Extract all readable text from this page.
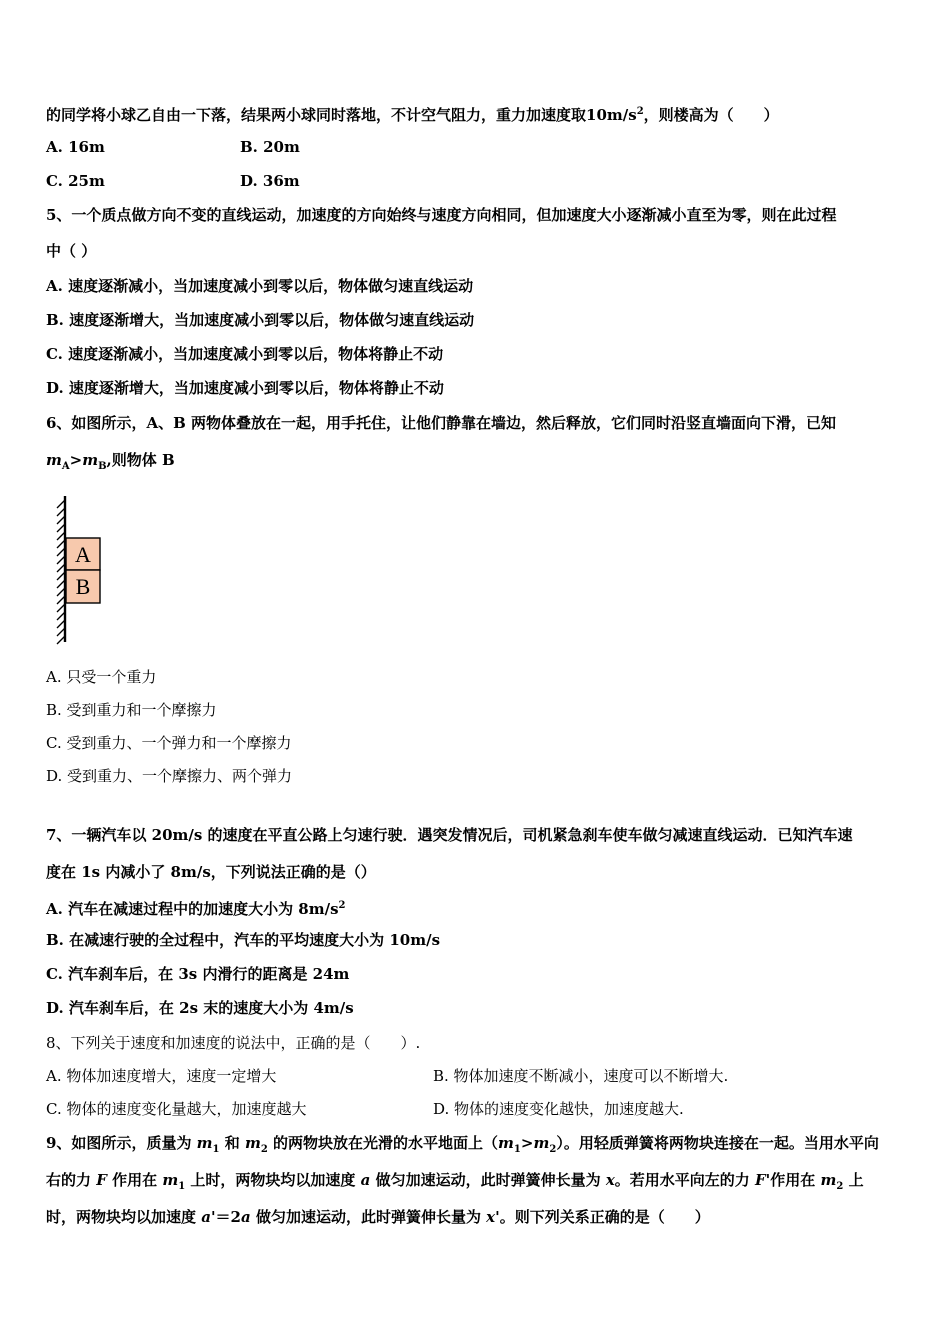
的同学将小球乙自由一下落，结果两小球同时落地，不计空气阻力，重力加速度取$10m/s^2$，则楼高为（　　）
A. 16m	B. 20m
C. 25m	D. 36m
5、一个质点做方向不变的直线运动，加速度的方向始终与速度方向相同，但加速度大小逐渐减小直至为零，则在此过程
中（ ）
A. 速度逐渐减小，当加速度减小到零以后，物体做匀速直线运动
B. 速度逐渐增大，当加速度减小到零以后，物体做匀速直线运动
C. 速度逐渐减小，当加速度减小到零以后，物体将静止不动
D. 速度逐渐增大，当加速度减小到零以后，物体将静止不动
6、如图所示，A、B 两物体叠放在一起，用手托住，让他们静靠在墙边，然后释放，它们同时沿竖直墙面向下滑，已知
$m_A>m_B$,则物体 B
A
B
A. 只受一个重力
B. 受到重力和一个摩擦力
C. 受到重力、一个弹力和一个摩擦力
D. 受到重力、一个摩擦力、两个弹力
7、一辆汽车以 20m/s 的速度在平直公路上匀速行驶．遇突发情况后，司机紧急刹车使车做匀减速直线运动．已知汽车速
度在 1s 内减小了 8m/s，下列说法正确的是（）
A. 汽车在减速过程中的加速度大小为 $8m/s^2$
B. 在减速行驶的全过程中，汽车的平均速度大小为 10m/s
C. 汽车刹车后，在 3s 内滑行的距离是 24m
D. 汽车刹车后，在 2s 末的速度大小为 4m/s
8、下列关于速度和加速度的说法中，正确的是（　　）.
A. 物体加速度增大，速度一定增大	B. 物体加速度不断减小，速度可以不断增大.
C. 物体的速度变化量越大，加速度越大	D. 物体的速度变化越快，加速度越大.
9、如图所示，质量为 $m_1$ 和 $m_2$ 的两物块放在光滑的水平地面上$(m_1>m_2)$。用轻质弹簧将两物块连接在一起。当用水平向
右的力 F 作用在 $m_1$ 上时，两物块均以加速度 a 做匀加速运动，此时弹簧伸长量为 x。若用水平向左的力 F'作用在 $m_2$ 上
时，两物块均以加速度 a'＝2a 做匀加速运动，此时弹簧伸长量为 x'。则下列关系正确的是（　　）
